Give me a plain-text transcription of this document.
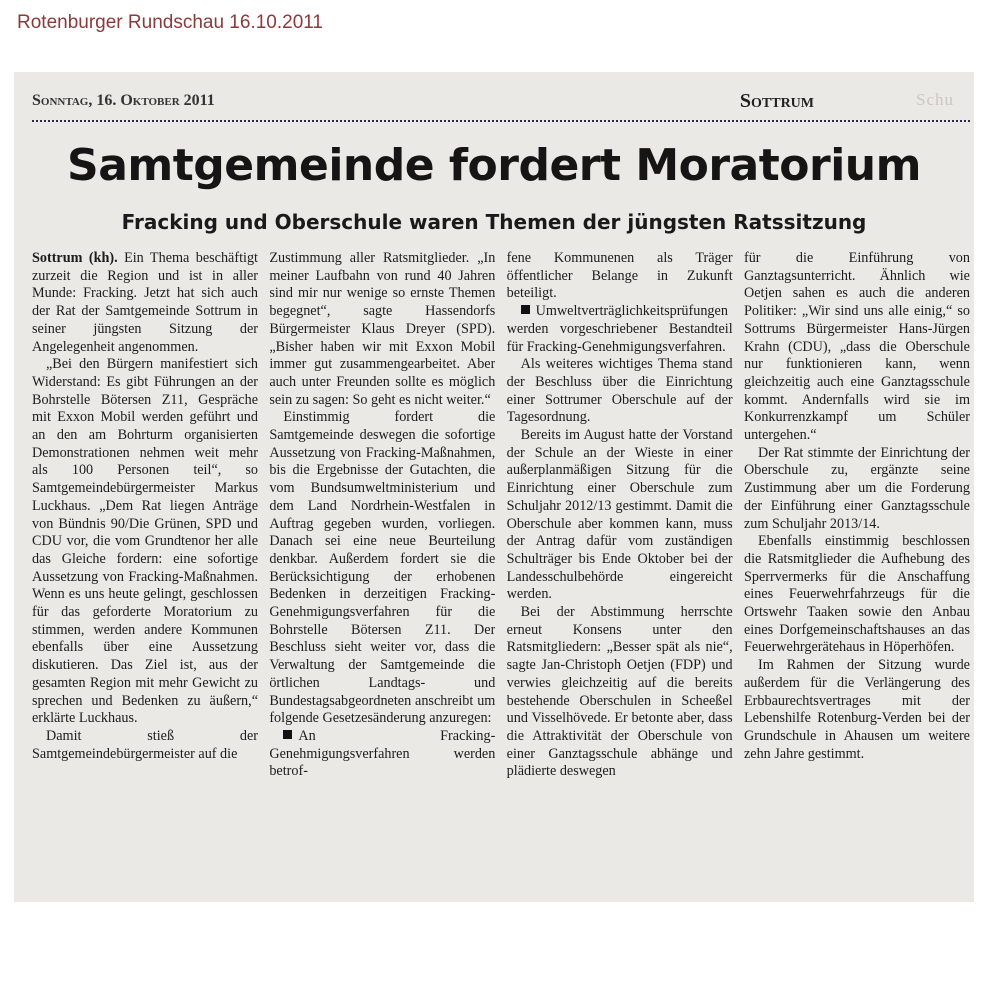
Rotenburger Rundschau 16.10.2011
Sonntag, 16. Oktober 2011	Schu
Sottrum
Samtgemeinde fordert Moratorium
Fracking und Oberschule waren Themen der jüngsten Ratssitzung

Sottrum (kh). Ein Thema beschäftigt zurzeit die Region und ist in aller Munde: Fracking. Jetzt hat sich auch der Rat der Samtgemeinde Sottrum in seiner jüngsten Sitzung der Angelegenheit angenommen.

„Bei den Bürgern manifestiert sich Widerstand: Es gibt Führungen an der Bohrstelle Bötersen Z11, Gespräche mit Exxon Mobil werden geführt und an den am Bohrturm organisierten Demonstrationen nehmen weit mehr als 100 Personen teil“, so Samtgemeindebürgermeister Markus Luckhaus. „Dem Rat liegen Anträge von Bündnis 90/Die Grünen, SPD und CDU vor, die vom Grundtenor her alle das Gleiche fordern: eine sofortige Aussetzung von Fracking-Maßnahmen. Wenn es uns heute gelingt, geschlossen für das geforderte Moratorium zu stimmen, werden andere Kommunen ebenfalls über eine Aussetzung diskutieren. Das Ziel ist, aus der gesamten Region mit mehr Gewicht zu sprechen und Bedenken zu äußern,“ erklärte Luckhaus.

Damit stieß der Samtgemeindebürgermeister auf die

Zustimmung aller Ratsmitglieder. „In meiner Laufbahn von rund 40 Jahren sind mir nur wenige so ernste Themen begegnet“, sagte Hassendorfs Bürgermeister Klaus Dreyer (SPD). „Bisher haben wir mit Exxon Mobil immer gut zusammengearbeitet. Aber auch unter Freunden sollte es möglich sein zu sagen: So geht es nicht weiter.“

Einstimmig fordert die Samtgemeinde deswegen die sofortige Aussetzung von Fracking-Maßnahmen, bis die Ergebnisse der Gutachten, die vom Bundsumweltministerium und dem Land Nordrhein-Westfalen in Auftrag gegeben wurden, vorliegen. Danach sei eine neue Beurteilung denkbar. Außerdem fordert sie die Berücksichtigung der erhobenen Bedenken in derzeitigen Fracking-Genehmigungsverfahren für die Bohrstelle Bötersen Z11. Der Beschluss sieht weiter vor, dass die Verwaltung der Samtgemeinde die örtlichen Landtags- und Bundestagsabgeordneten anschreibt um folgende Gesetzesänderung anzuregen:

An Fracking-Genehmigungsverfahren werden betrof-

fene Kommunenen als Träger öffentlicher Belange in Zukunft beteiligt.

Umweltverträglichkeitsprüfungen werden vorgeschriebener Bestandteil für Fracking-Genehmigungsverfahren.

Als weiteres wichtiges Thema stand der Beschluss über die Einrichtung einer Sottrumer Oberschule auf der Tagesordnung.

Bereits im August hatte der Vorstand der Schule an der Wieste in einer außerplanmäßigen Sitzung für die Einrichtung einer Oberschule zum Schuljahr 2012/13 gestimmt. Damit die Oberschule aber kommen kann, muss der Antrag dafür vom zuständigen Schulträger bis Ende Oktober bei der Landesschulbehörde eingereicht werden.

Bei der Abstimmung herrschte erneut Konsens unter den Ratsmitgliedern: „Besser spät als nie“, sagte Jan-Christoph Oetjen (FDP) und verwies gleichzeitig auf die bereits bestehende Oberschulen in Scheeßel und Visselhövede. Er betonte aber, dass die Attraktivität der Oberschule von einer Ganztagsschule abhänge und plädierte deswegen

für die Einführung von Ganztagsunterricht. Ähnlich wie Oetjen sahen es auch die anderen Politiker: „Wir sind uns alle einig,“ so Sottrums Bürgermeister Hans-Jürgen Krahn (CDU), „dass die Oberschule nur funktionieren kann, wenn gleichzeitig auch eine Ganztagsschule kommt. Andernfalls wird sie im Konkurrenzkampf um Schüler untergehen.“

Der Rat stimmte der Einrichtung der Oberschule zu, ergänzte seine Zustimmung aber um die Forderung der Einführung einer Ganztagsschule zum Schuljahr 2013/14.

Ebenfalls einstimmig beschlossen die Ratsmitglieder die Aufhebung des Sperrvermerks für die Anschaffung eines Feuerwehrfahrzeugs für die Ortswehr Taaken sowie den Anbau eines Dorfgemeinschaftshauses an das Feuerwehrgerätehaus in Höperhöfen.

Im Rahmen der Sitzung wurde außerdem für die Verlängerung des Erbbaurechtsvertrages mit der Lebenshilfe Rotenburg-Verden bei der Grundschule in Ahausen um weitere zehn Jahre gestimmt.
